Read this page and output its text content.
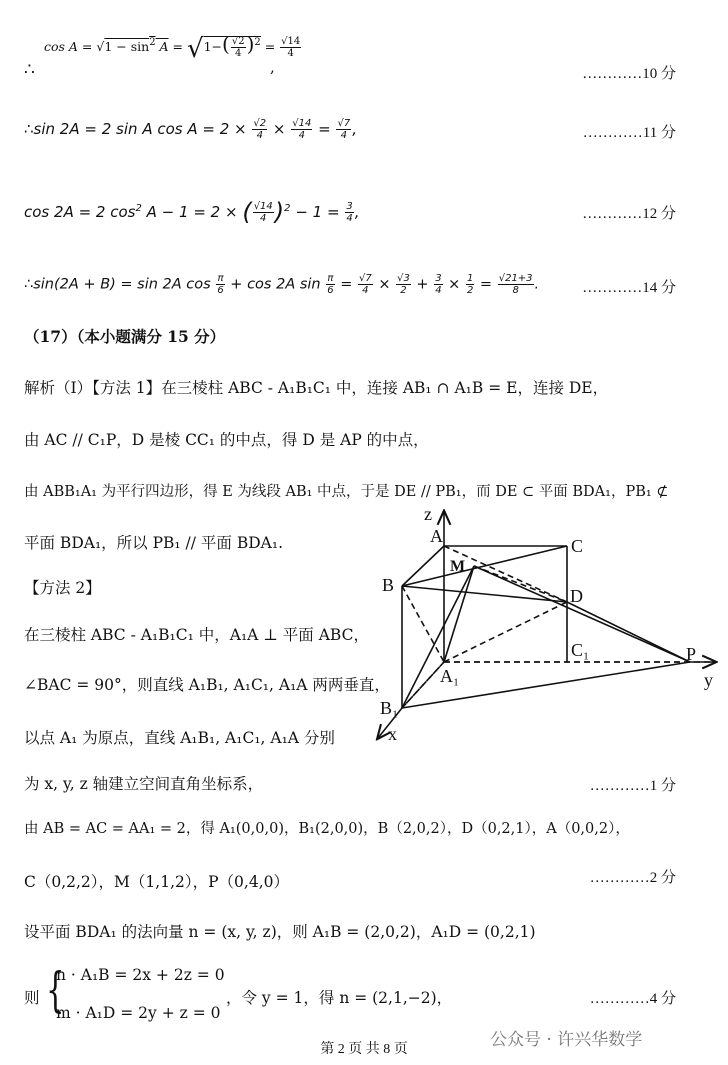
∴
$\cos A = √1 - \sin^2 A = √1-( \frac{√2}{4} )^2 = \frac{√14}{4}$
,	…………10 分
∴sin 2A = 2 sin A $\cos A = 2 \times \frac{√2}{4} \times \frac{√14}{4} = \frac{√7}{4}$ ,	…………11 分
cos 2A = 2 $\cos^2 A - 1 = 2$ × ( $\frac{√14}{4} )^2 - 1 = \frac{3}{4}$ ,	…………12 分
∴sin(2A + B) = sin 2A $\cos \frac{\pi}{6} + \cos 2A$ $\sin \frac{\pi}{6} = \frac{√7}{4} \times \frac{√3}{2} + \frac{3}{4} \times \frac{1}{2} = \frac{√21+3}{8}$ .	…………14 分
（17）（本小题满分 15 分）
解析（I）【方法 1】在三棱柱 ABC - A₁B₁C₁ 中，连接 AB₁ ∩ A₁B = E，连接 DE，
由 AC // C₁P，D 是棱 CC₁ 的中点，得 D 是 AP 的中点，
由 ABB₁A₁ 为平行四边形，得 E 为线段 AB₁ 中点，于是 DE // PB₁，而 DE ⊂ 平面 BDA₁，PB₁ ⊄
平面 BDA₁，所以 PB₁ // 平面 BDA₁.
【方法 2】
在三棱柱 ABC - A₁B₁C₁ 中，A₁A ⊥ 平面 ABC，
∠BAC = 90°，则直线 A₁B₁, A₁C₁, A₁A 两两垂直，
以点 A₁ 为原点，直线 A₁B₁, A₁C₁, A₁A 分别
为 x, y, z 轴建立空间直角坐标系，	…………1 分
由 AB = AC = AA₁ = 2，得 A₁(0,0,0)，B₁(2,0,0)，B（2,0,2），D（0,2,1），A（0,0,2），
C（0,2,2），M（1,1,2），P（0,4,0）	…………2 分
设平面 BDA₁ 的法向量 n = (x, y, z)，则 A₁B = (2,0,2)，A₁D = (0,2,1)
则 {
n · A₁B = 2x + 2z = 0
m · A₁D = 2y + z = 0
，令 y = 1，得 n = (2,1,−2)，	…………4 分
z
A	C
M
B
D
C₁	P
y
A₁
B₁
x
第 2 页 共 8 页	公众号 · 许兴华数学
